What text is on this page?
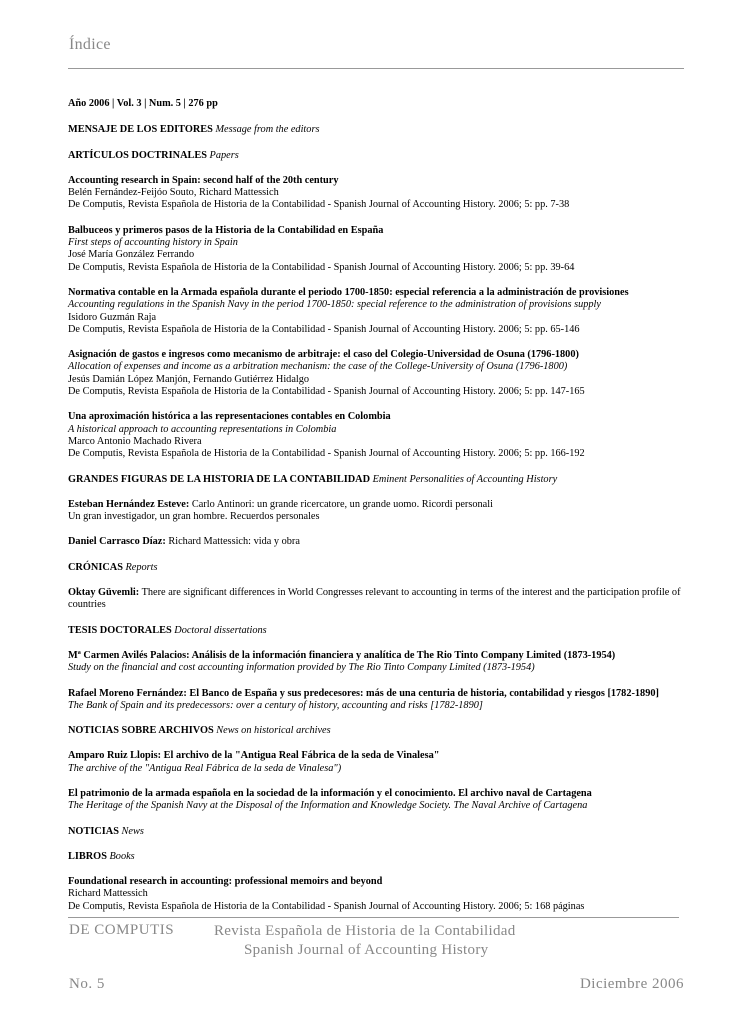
Índice
Año 2006 | Vol. 3 | Num. 5 | 276 pp
MENSAJE DE LOS EDITORES Message from the editors
ARTÍCULOS DOCTRINALES Papers
Accounting research in Spain: second half of the 20th century
Belén Fernández-Feijóo Souto, Richard Mattessich
De Computis, Revista Española de Historia de la Contabilidad - Spanish Journal of Accounting History. 2006; 5: pp. 7-38
Balbuceos y primeros pasos de la Historia de la Contabilidad en España
First steps of accounting history in Spain
José María González Ferrando
De Computis, Revista Española de Historia de la Contabilidad - Spanish Journal of Accounting History. 2006; 5: pp. 39-64
Normativa contable en la Armada española durante el periodo 1700-1850: especial referencia a la administración de provisiones
Accounting regulations in the Spanish Navy in the period 1700-1850: special reference to the administration of provisions supply
Isidoro Guzmán Raja
De Computis, Revista Española de Historia de la Contabilidad - Spanish Journal of Accounting History. 2006; 5: pp. 65-146
Asignación de gastos e ingresos como mecanismo de arbitraje: el caso del Colegio-Universidad de Osuna (1796-1800)
Allocation of expenses and income as a arbitration mechanism: the case of the College-University of Osuna (1796-1800)
Jesús Damián López Manjón, Fernando Gutiérrez Hidalgo
De Computis, Revista Española de Historia de la Contabilidad - Spanish Journal of Accounting History. 2006; 5: pp. 147-165
Una aproximación histórica a las representaciones contables en Colombia
A historical approach to accounting representations in Colombia
Marco Antonio Machado Rivera
De Computis, Revista Española de Historia de la Contabilidad - Spanish Journal of Accounting History. 2006; 5: pp. 166-192
GRANDES FIGURAS DE LA HISTORIA DE LA CONTABILIDAD Eminent Personalities of Accounting History
Esteban Hernández Esteve: Carlo Antinori: un grande ricercatore, un grande uomo. Ricordi personali
Un gran investigador, un gran hombre. Recuerdos personales
Daniel Carrasco Díaz: Richard Mattessich: vida y obra
CRÓNICAS Reports
Oktay Güvemli: There are significant differences in World Congresses relevant to accounting in terms of the interest and the participation profile of countries
TESIS DOCTORALES Doctoral dissertations
Mª Carmen Avilés Palacios: Análisis de la información financiera y analítica de The Rio Tinto Company Limited (1873-1954)
Study on the financial and cost accounting information provided by The Rio Tinto Company Limited (1873-1954)
Rafael Moreno Fernández: El Banco de España y sus predecesores: más de una centuria de historia, contabilidad y riesgos [1782-1890]
The Bank of Spain and its predecessors: over a century of history, accounting and risks [1782-1890]
NOTICIAS SOBRE ARCHIVOS News on historical archives
Amparo Ruiz Llopis: El archivo de la "Antigua Real Fábrica de la seda de Vinalesa"
The archive of the "Antigua Real Fábrica de la seda de Vinalesa")
El patrimonio de la armada española en la sociedad de la información y el conocimiento. El archivo naval de Cartagena
The Heritage of the Spanish Navy at the Disposal of the Information and Knowledge Society. The Naval Archive of Cartagena
NOTICIAS News
LIBROS Books
Foundational research in accounting: professional memoirs and beyond
Richard Mattessich
De Computis, Revista Española de Historia de la Contabilidad - Spanish Journal of Accounting History. 2006; 5: 168 páginas
DE COMPUTIS	Revista Española de Historia de la Contabilidad
Spanish Journal of Accounting History
No. 5	Diciembre 2006
